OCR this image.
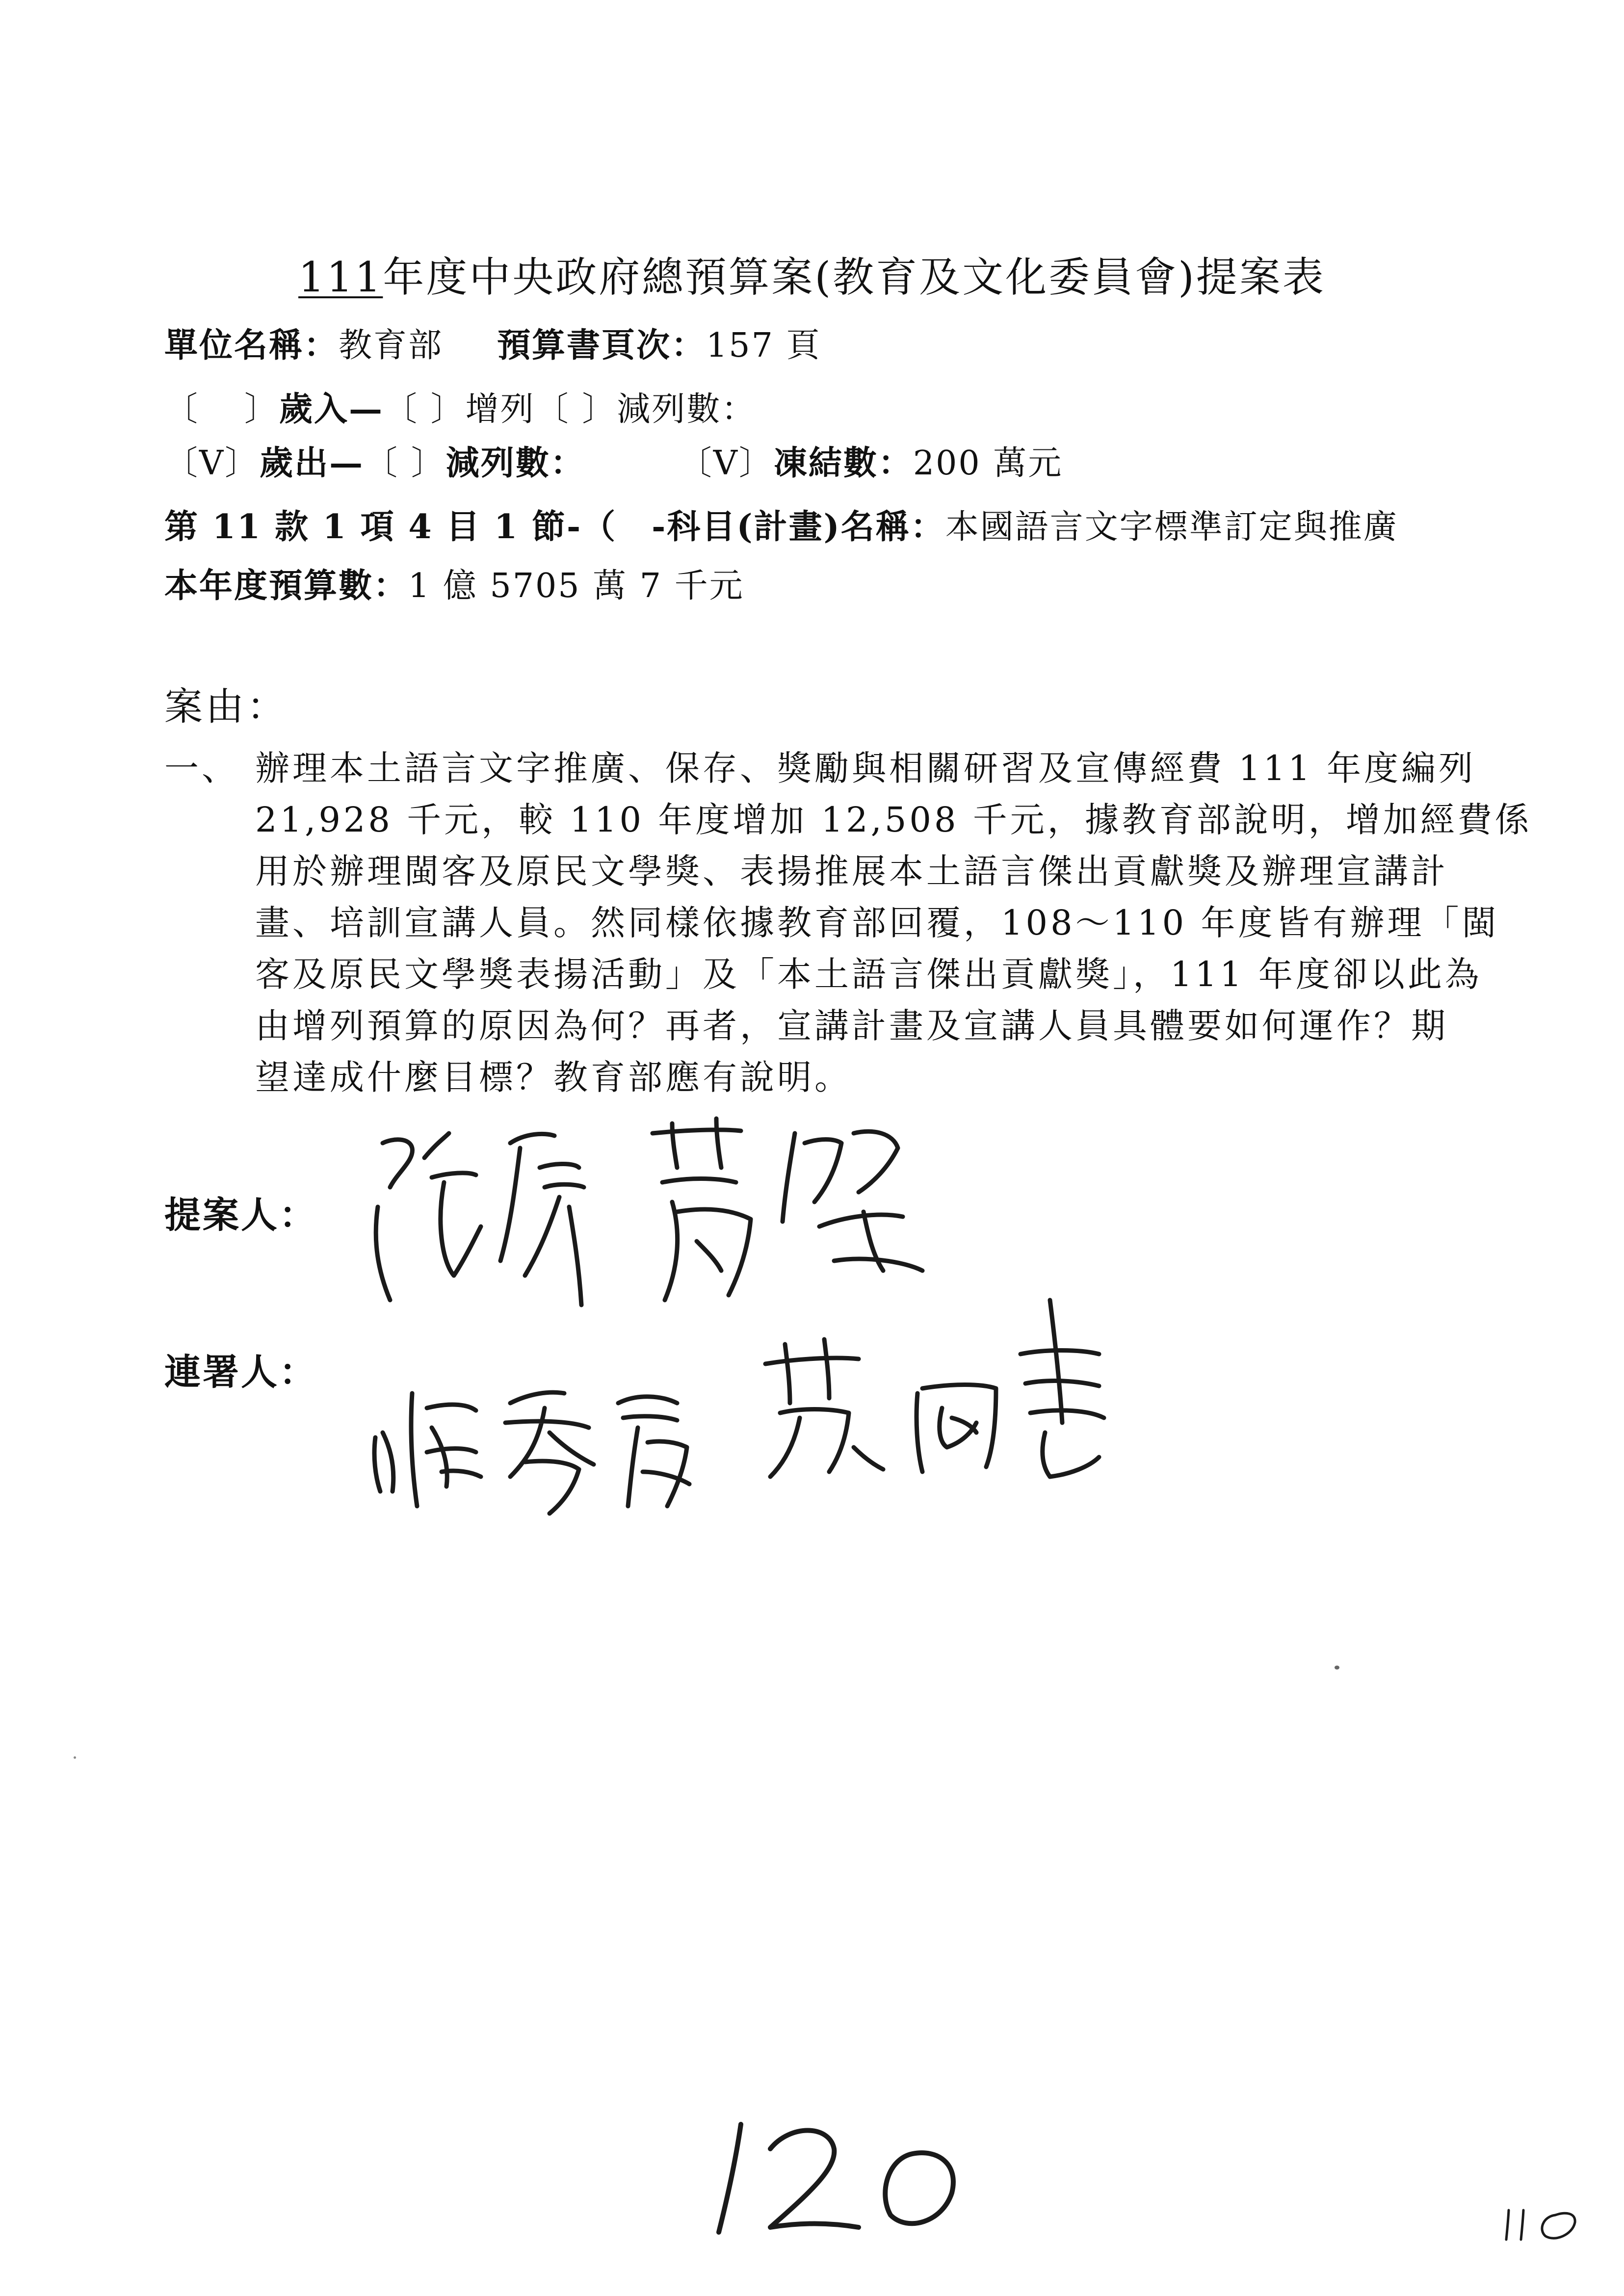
111年度中央政府總預算案(教育及文化委員會)提案表
單位名稱：教育部 預算書頁次：157 頁
〔 〕歲入—〔 〕增列〔 〕減列數：
〔V〕歲出—〔 〕減列數：	〔V〕凍結數：200 萬元
第 11 款 1 項 4 目 1 節-（　-科目(計畫)名稱：本國語言文字標準訂定與推廣
本年度預算數：1 億 5705 萬 7 千元
案由：
一、 辦理本土語言文字推廣、保存、獎勵與相關研習及宣傳經費 111 年度編列
21,928 千元，較 110 年度增加 12,508 千元，據教育部說明，增加經費係
用於辦理閩客及原民文學獎、表揚推展本土語言傑出貢獻獎及辦理宣講計
畫、培訓宣講人員。然同樣依據教育部回覆，108～110 年度皆有辦理「閩
客及原民文學獎表揚活動」及「本土語言傑出貢獻獎」，111 年度卻以此為
由增列預算的原因為何？再者，宣講計畫及宣講人員具體要如何運作？期
望達成什麼目標？教育部應有說明。
提案人：
連署人：
